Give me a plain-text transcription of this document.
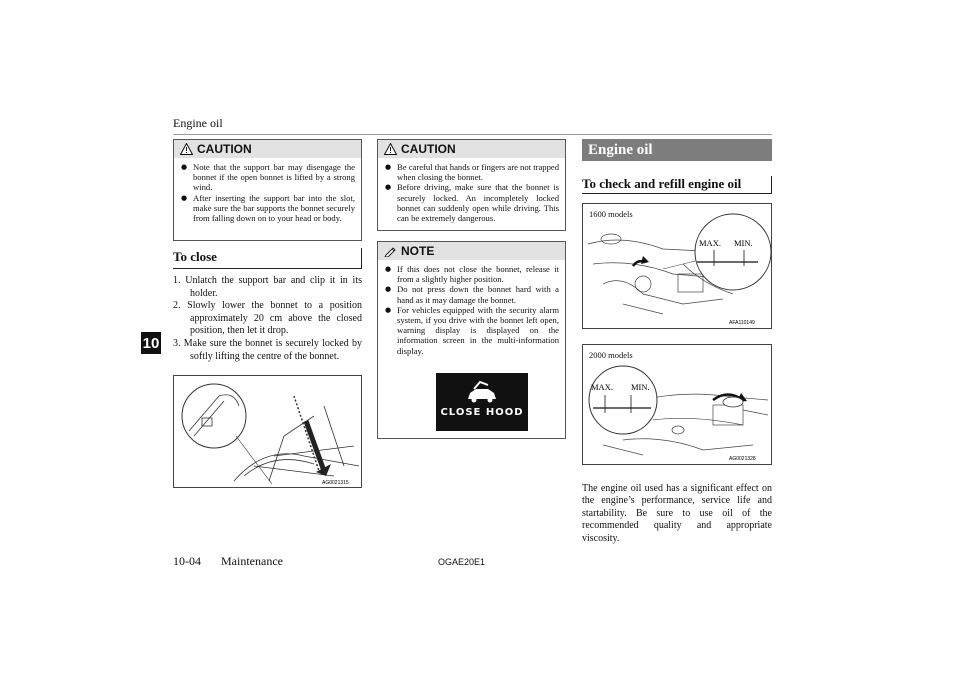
Engine oil
10
CAUTION
● Note that the support bar may disengage the bonnet if the open bonnet is lifted by a strong wind.
● After inserting the support bar into the slot, make sure the bar supports the bonnet securely from falling down on to your head or body.
To close
1. Unlatch the support bar and clip it in its holder.
2. Slowly lower the bonnet to a position approximately 20 cm above the closed position, then let it drop.
3. Make sure the bonnet is securely locked by softly lifting the centre of the bonnet.
AG0021315
CAUTION
● Be careful that hands or fingers are not trapped when closing the bonnet.
● Before driving, make sure that the bonnet is securely locked. An incompletely locked bonnet can suddenly open while driving. This can be extremely dangerous.
NOTE
● If this does not close the bonnet, release it from a slightly higher position.
● Do not press down the bonnet hard with a hand as it may damage the bonnet.
● For vehicles equipped with the security alarm system, if you drive with the bonnet left open, warning display is displayed on the information screen in the multi-information display.
CLOSE HOOD
Engine oil
To check and refill engine oil
MAX. MIN.
AFA110149
1600 models
MAX. MIN.
AG0021328
2000 models
The engine oil used has a significant effect on the engine’s performance, service life and startability. Be sure to use oil of the recommended quality and appropriate viscosity.
10-04 Maintenance	OGAE20E1
